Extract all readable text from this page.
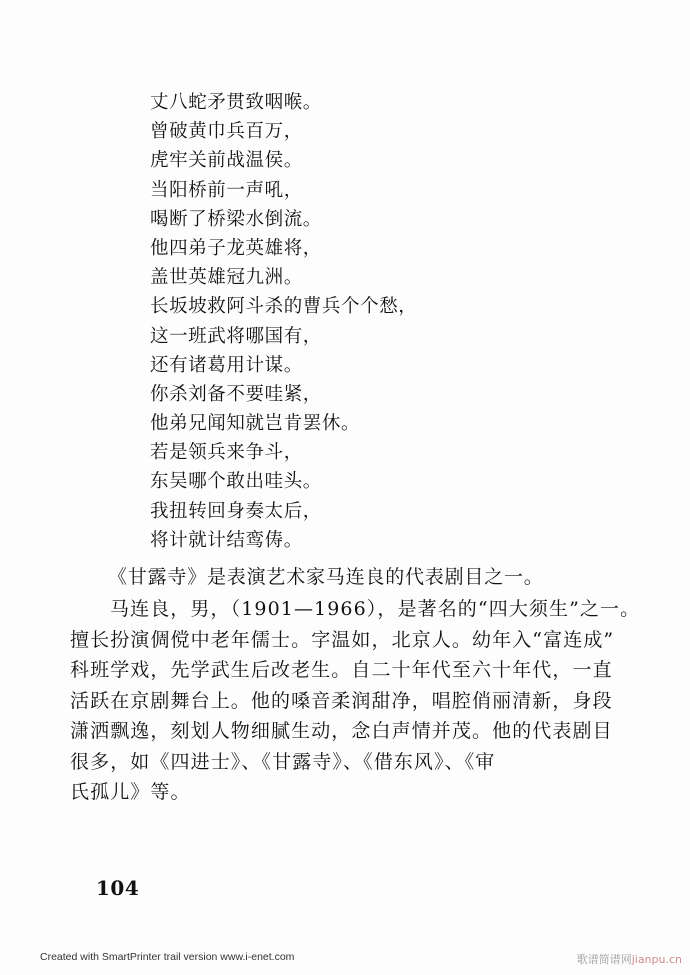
丈八蛇矛贯致咽喉。
曾破黄巾兵百万，
虎牢关前战温侯。
当阳桥前一声吼，
喝断了桥梁水倒流。
他四弟子龙英雄将，
盖世英雄冠九洲。
长坂坡救阿斗杀的曹兵个个愁，
这一班武将哪国有，
还有诸葛用计谋。
你杀刘备不要哇紧，
他弟兄闻知就岂肯罢休。
若是领兵来争斗，
东吴哪个敢出哇头。
我扭转回身奏太后，
将计就计结鸾俦。
《甘露寺》是表演艺术家马连良的代表剧目之一。
马连良，男，（1901—1966），是著名的“四大须生”之一。
擅长扮演倜傥中老年儒士。字温如，北京人。幼年入“富连成”
科班学戏，先学武生后改老生。自二十年代至六十年代，一直
活跃在京剧舞台上。他的嗓音柔润甜净，唱腔俏丽清新，身段
潇洒飘逸，刻划人物细腻生动，念白声情并茂。他的代表剧目
很多，如《四进士》、《甘露寺》、《借东风》、《审
氏孤儿》等。
104
Created with SmartPrinter trail version www.i-enet.com	歌谱简谱网jianpu.cn
